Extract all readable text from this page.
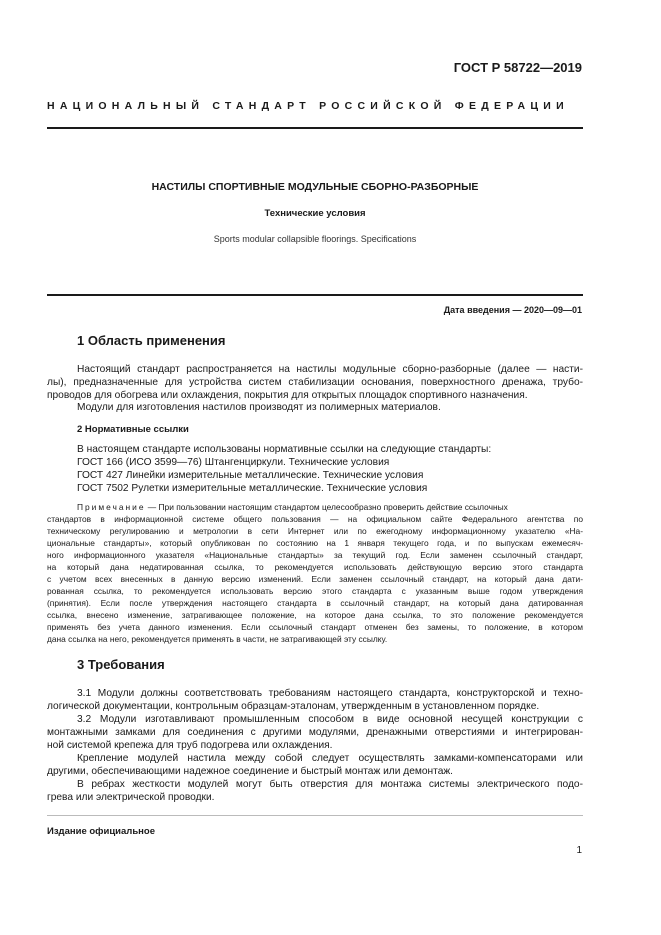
ГОСТ Р 58722—2019
НАЦИОНАЛЬНЫЙ СТАНДАРТ РОССИЙСКОЙ ФЕДЕРАЦИИ
НАСТИЛЫ СПОРТИВНЫЕ МОДУЛЬНЫЕ СБОРНО-РАЗБОРНЫЕ
Технические условия
Sports modular collapsible floorings. Specifications
Дата введения — 2020—09—01
1 Область применения
Настоящий стандарт распространяется на настилы модульные сборно-разборные (далее — насти-
лы), предназначенные для устройства систем стабилизации основания, поверхностного дренажа, трубо-
проводов для обогрева или охлаждения, покрытия для открытых площадок спортивного назначения.
Модули для изготовления настилов производят из полимерных материалов.
2 Нормативные ссылки
В настоящем стандарте использованы нормативные ссылки на следующие стандарты:
ГОСТ 166 (ИСО 3599—76) Штангенциркули. Технические условия
ГОСТ 427 Линейки измерительные металлические. Технические условия
ГОСТ 7502 Рулетки измерительные металлические. Технические условия
Примечание — При пользовании настоящим стандартом целесообразно проверить действие ссылочных
стандартов в информационной системе общего пользования — на официальном сайте Федерального агентства по
техническому регулированию и метрологии в сети Интернет или по ежегодному информационному указателю «На-
циональные стандарты», который опубликован по состоянию на 1 января текущего года, и по выпускам ежемесяч-
ного информационного указателя «Национальные стандарты» за текущий год. Если заменен ссылочный стандарт,
на который дана недатированная ссылка, то рекомендуется использовать действующую версию этого стандарта
с учетом всех внесенных в данную версию изменений. Если заменен ссылочный стандарт, на который дана дати-
рованная ссылка, то рекомендуется использовать версию этого стандарта с указанным выше годом утверждения
(принятия). Если после утверждения настоящего стандарта в ссылочный стандарт, на который дана датированная
ссылка, внесено изменение, затрагивающее положение, на которое дана ссылка, то это положение рекомендуется
применять без учета данного изменения. Если ссылочный стандарт отменен без замены, то положение, в котором
дана ссылка на него, рекомендуется применять в части, не затрагивающей эту ссылку.
3 Требования
3.1 Модули должны соответствовать требованиям настоящего стандарта, конструкторской и техно-
логической документации, контрольным образцам-эталонам, утвержденным в установленном порядке.
3.2 Модули изготавливают промышленным способом в виде основной несущей конструкции с
монтажными замками для соединения с другими модулями, дренажными отверстиями и интегрирован-
ной системой крепежа для труб подогрева или охлаждения.
Крепление модулей настила между собой следует осуществлять замками-компенсаторами или
другими, обеспечивающими надежное соединение и быстрый монтаж или демонтаж.
В ребрах жесткости модулей могут быть отверстия для монтажа системы электрического подо-
грева или электрической проводки.
Издание официальное
1
